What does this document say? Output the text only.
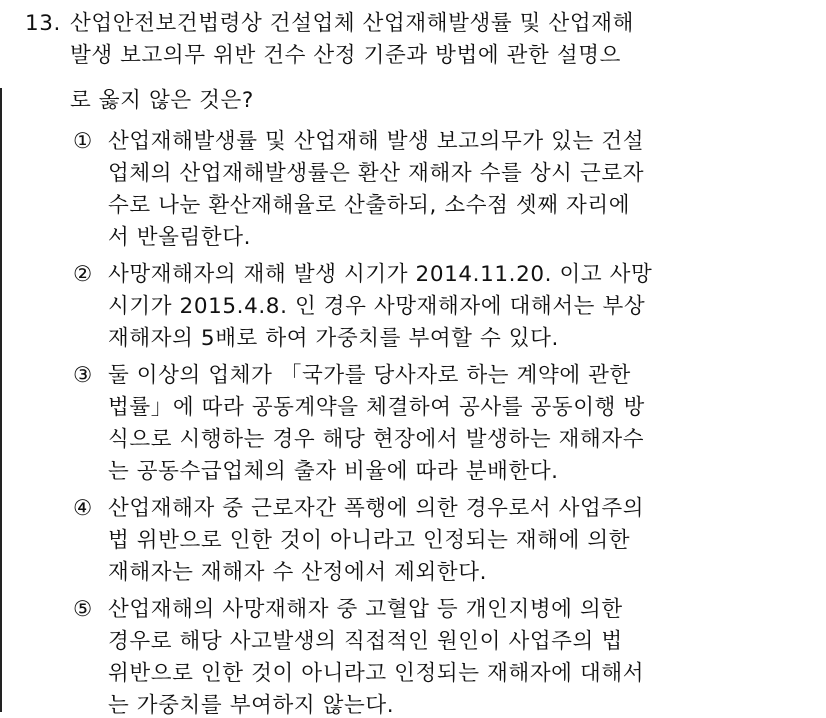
13. 산업안전보건법령상 건설업체 산업재해발생률 및 산업재해
발생 보고의무 위반 건수 산정 기준과 방법에 관한 설명으
로 옳지 않은 것은?
① 산업재해발생률 및 산업재해 발생 보고의무가 있는 건설
업체의 산업재해발생률은 환산 재해자 수를 상시 근로자
수로 나눈 환산재해율로 산출하되, 소수점 셋째 자리에
서 반올림한다.
② 사망재해자의 재해 발생 시기가 2014.11.20. 이고 사망
시기가 2015.4.8. 인 경우 사망재해자에 대해서는 부상
재해자의 5배로 하여 가중치를 부여할 수 있다.
③ 둘 이상의 업체가 「국가를 당사자로 하는 계약에 관한
법률」에 따라 공동계약을 체결하여 공사를 공동이행 방
식으로 시행하는 경우 해당 현장에서 발생하는 재해자수
는 공동수급업체의 출자 비율에 따라 분배한다.
④ 산업재해자 중 근로자간 폭행에 의한 경우로서 사업주의
법 위반으로 인한 것이 아니라고 인정되는 재해에 의한
재해자는 재해자 수 산정에서 제외한다.
⑤ 산업재해의 사망재해자 중 고혈압 등 개인지병에 의한
경우로 해당 사고발생의 직접적인 원인이 사업주의 법
위반으로 인한 것이 아니라고 인정되는 재해자에 대해서
는 가중치를 부여하지 않는다.
